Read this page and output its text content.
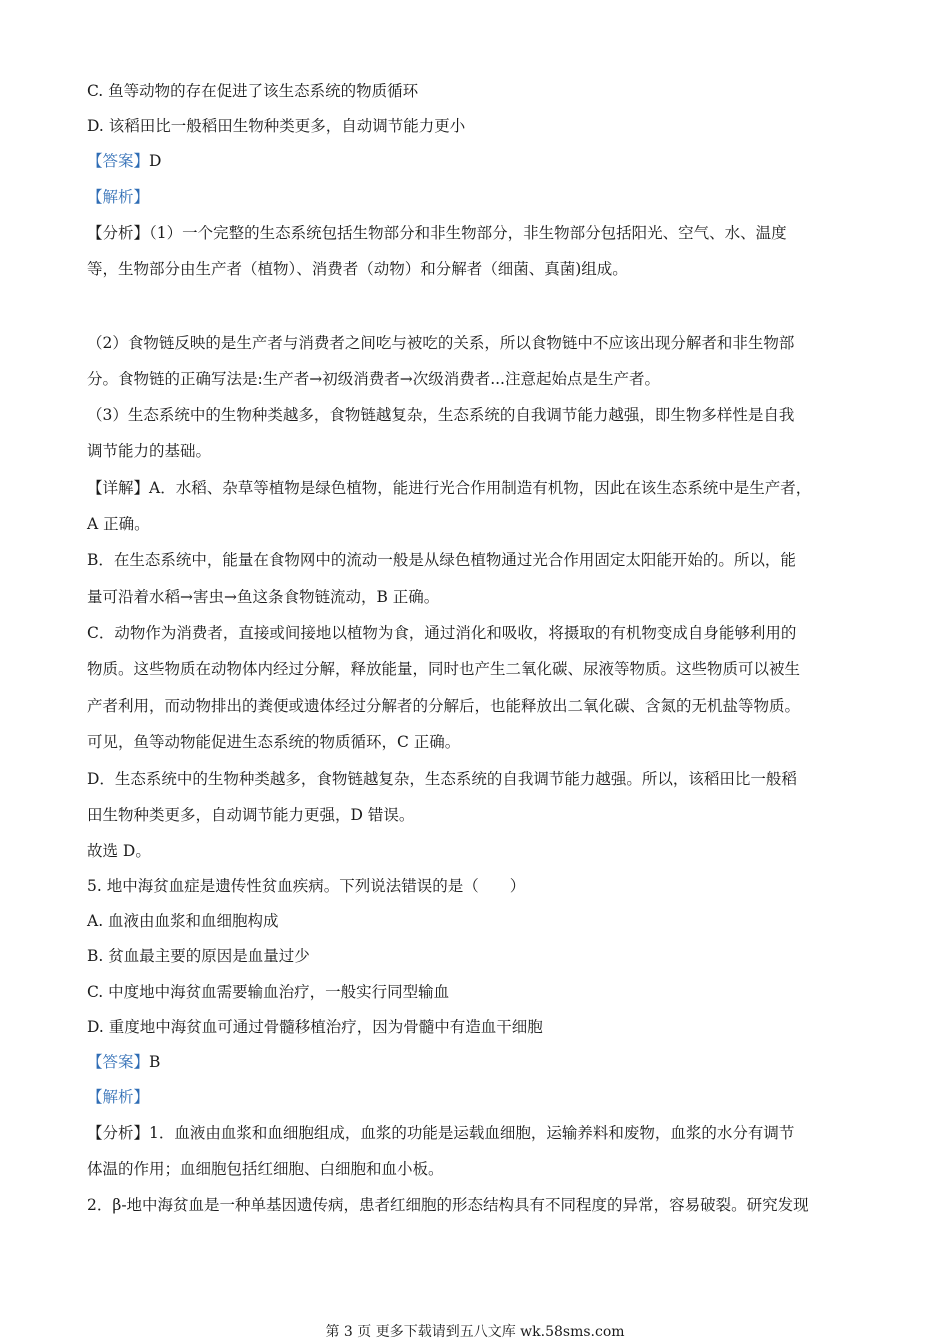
C. 鱼等动物的存在促进了该生态系统的物质循环
D. 该稻田比一般稻田生物种类更多，自动调节能力更小
【答案】D
【解析】
【分析】（1）一个完整的生态系统包括生物部分和非生物部分，非生物部分包括阳光、空气、水、温度
等，生物部分由生产者（植物）、消费者（动物）和分解者（细菌、真菌)组成。
（2）食物链反映的是生产者与消费者之间吃与被吃的关系，所以食物链中不应该出现分解者和非生物部
分。食物链的正确写法是:生产者→初级消费者→次级消费者...注意起始点是生产者。
（3）生态系统中的生物种类越多，食物链越复杂，生态系统的自我调节能力越强，即生物多样性是自我
调节能力的基础。
【详解】A．水稻、杂草等植物是绿色植物，能进行光合作用制造有机物，因此在该生态系统中是生产者，
A 正确。
B．在生态系统中，能量在食物网中的流动一般是从绿色植物通过光合作用固定太阳能开始的。所以，能
量可沿着水稻→害虫→鱼这条食物链流动，B 正确。
C．动物作为消费者，直接或间接地以植物为食，通过消化和吸收，将摄取的有机物变成自身能够利用的
物质。这些物质在动物体内经过分解，释放能量，同时也产生二氧化碳、尿液等物质。这些物质可以被生
产者利用，而动物排出的粪便或遗体经过分解者的分解后，也能释放出二氧化碳、含氮的无机盐等物质。
可见，鱼等动物能促进生态系统的物质循环，C 正确。
D．生态系统中的生物种类越多，食物链越复杂，生态系统的自我调节能力越强。所以，该稻田比一般稻
田生物种类更多，自动调节能力更强，D 错误。
故选 D。
5. 地中海贫血症是遗传性贫血疾病。下列说法错误的是（　　）
A. 血液由血浆和血细胞构成
B. 贫血最主要的原因是血量过少
C. 中度地中海贫血需要输血治疗，一般实行同型输血
D. 重度地中海贫血可通过骨髓移植治疗，因为骨髓中有造血干细胞
【答案】B
【解析】
【分析】1．血液由血浆和血细胞组成，血浆的功能是运载血细胞，运输养料和废物，血浆的水分有调节
体温的作用；血细胞包括红细胞、白细胞和血小板。
2．β-地中海贫血是一种单基因遗传病，患者红细胞的形态结构具有不同程度的异常，容易破裂。研究发现
第 3 页 更多下载请到五八文库 wk.58sms.com
